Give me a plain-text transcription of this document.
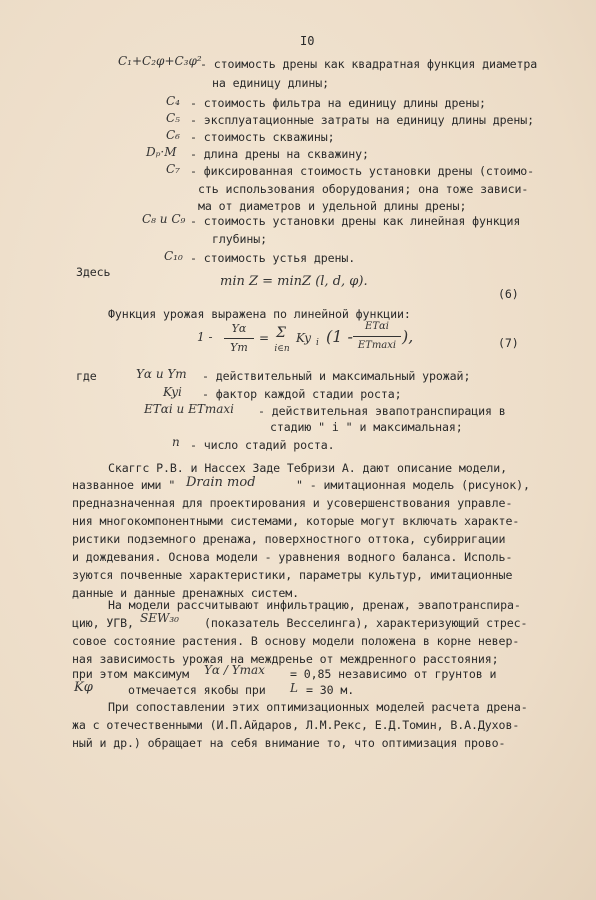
I0
C₁+C₂φ+C₃φ²
- стоимость дрены как квадратная функция диаметра
на единицу длины;
C₄ - стоимость фильтра на единицу длины дрены;
C₅ - эксплуатационные затраты на единицу длины дрены;
C₆ - стоимость скважины;
Dₚ·M - длина дрены на скважину;
C₇ - фиксированная стоимость установки дрены (стоимо-
сть использования оборудования; она тоже зависи-
ма от диаметров и удельной длины дрены;
C₈ и C₉ - стоимость установки дрены как линейная функция
глубины;
C₁₀ - стоимость устья дрены.
Здесь
min Z = minZ (l, d, φ).
(6)
Функция урожая выражена по линейной функции:
1 -
Yα
Ym
= Σ
i∈n
Ky i (1 -
ETαi
ETmaxi ),	(7)
где	Yα и Ym - действительный и максимальный урожай;
Kyi - фактор каждой стадии роста;
ETαi и ETmaxi - действительная эвапотранспирация в
стадию " i " и максимальная;
n - число стадий роста.
Скаггс Р.В. и Нассех Заде Тебризи А. дают описание модели,
названное ими " Drain mod	" - имитационная модель (рисунок),
предназначенная для проектирования и усовершенствования управле-
ния многокомпонентными системами, которые могут включать характе-
ристики подземного дренажа, поверхностного оттока, субирригации
и дождевания. Основа модели - уравнения водного баланса. Исполь-
зуются почвенные характеристики, параметры культур, имитационные
данные и данные дренажных систем.
На модели рассчитывают инфильтрацию, дренаж, эвапотранспира-
цию, УГВ, SEW₃₀ (показатель Весселинга), характеризующий стрес-
совое состояние растения. В основу модели положена в корне невер-
ная зависимость урожая на междренье от междренного расстояния;
при этом максимум Yα / Ymax = 0,85 независимо от грунтов и
Kφ	отмечается якобы при L = 30 м.
При сопоставлении этих оптимизационных моделей расчета дрена-
жа с отечественными (И.П.Айдаров, Л.М.Рекс, Е.Д.Томин, В.А.Духов-
ный и др.) обращает на себя внимание то, что оптимизация прово-
